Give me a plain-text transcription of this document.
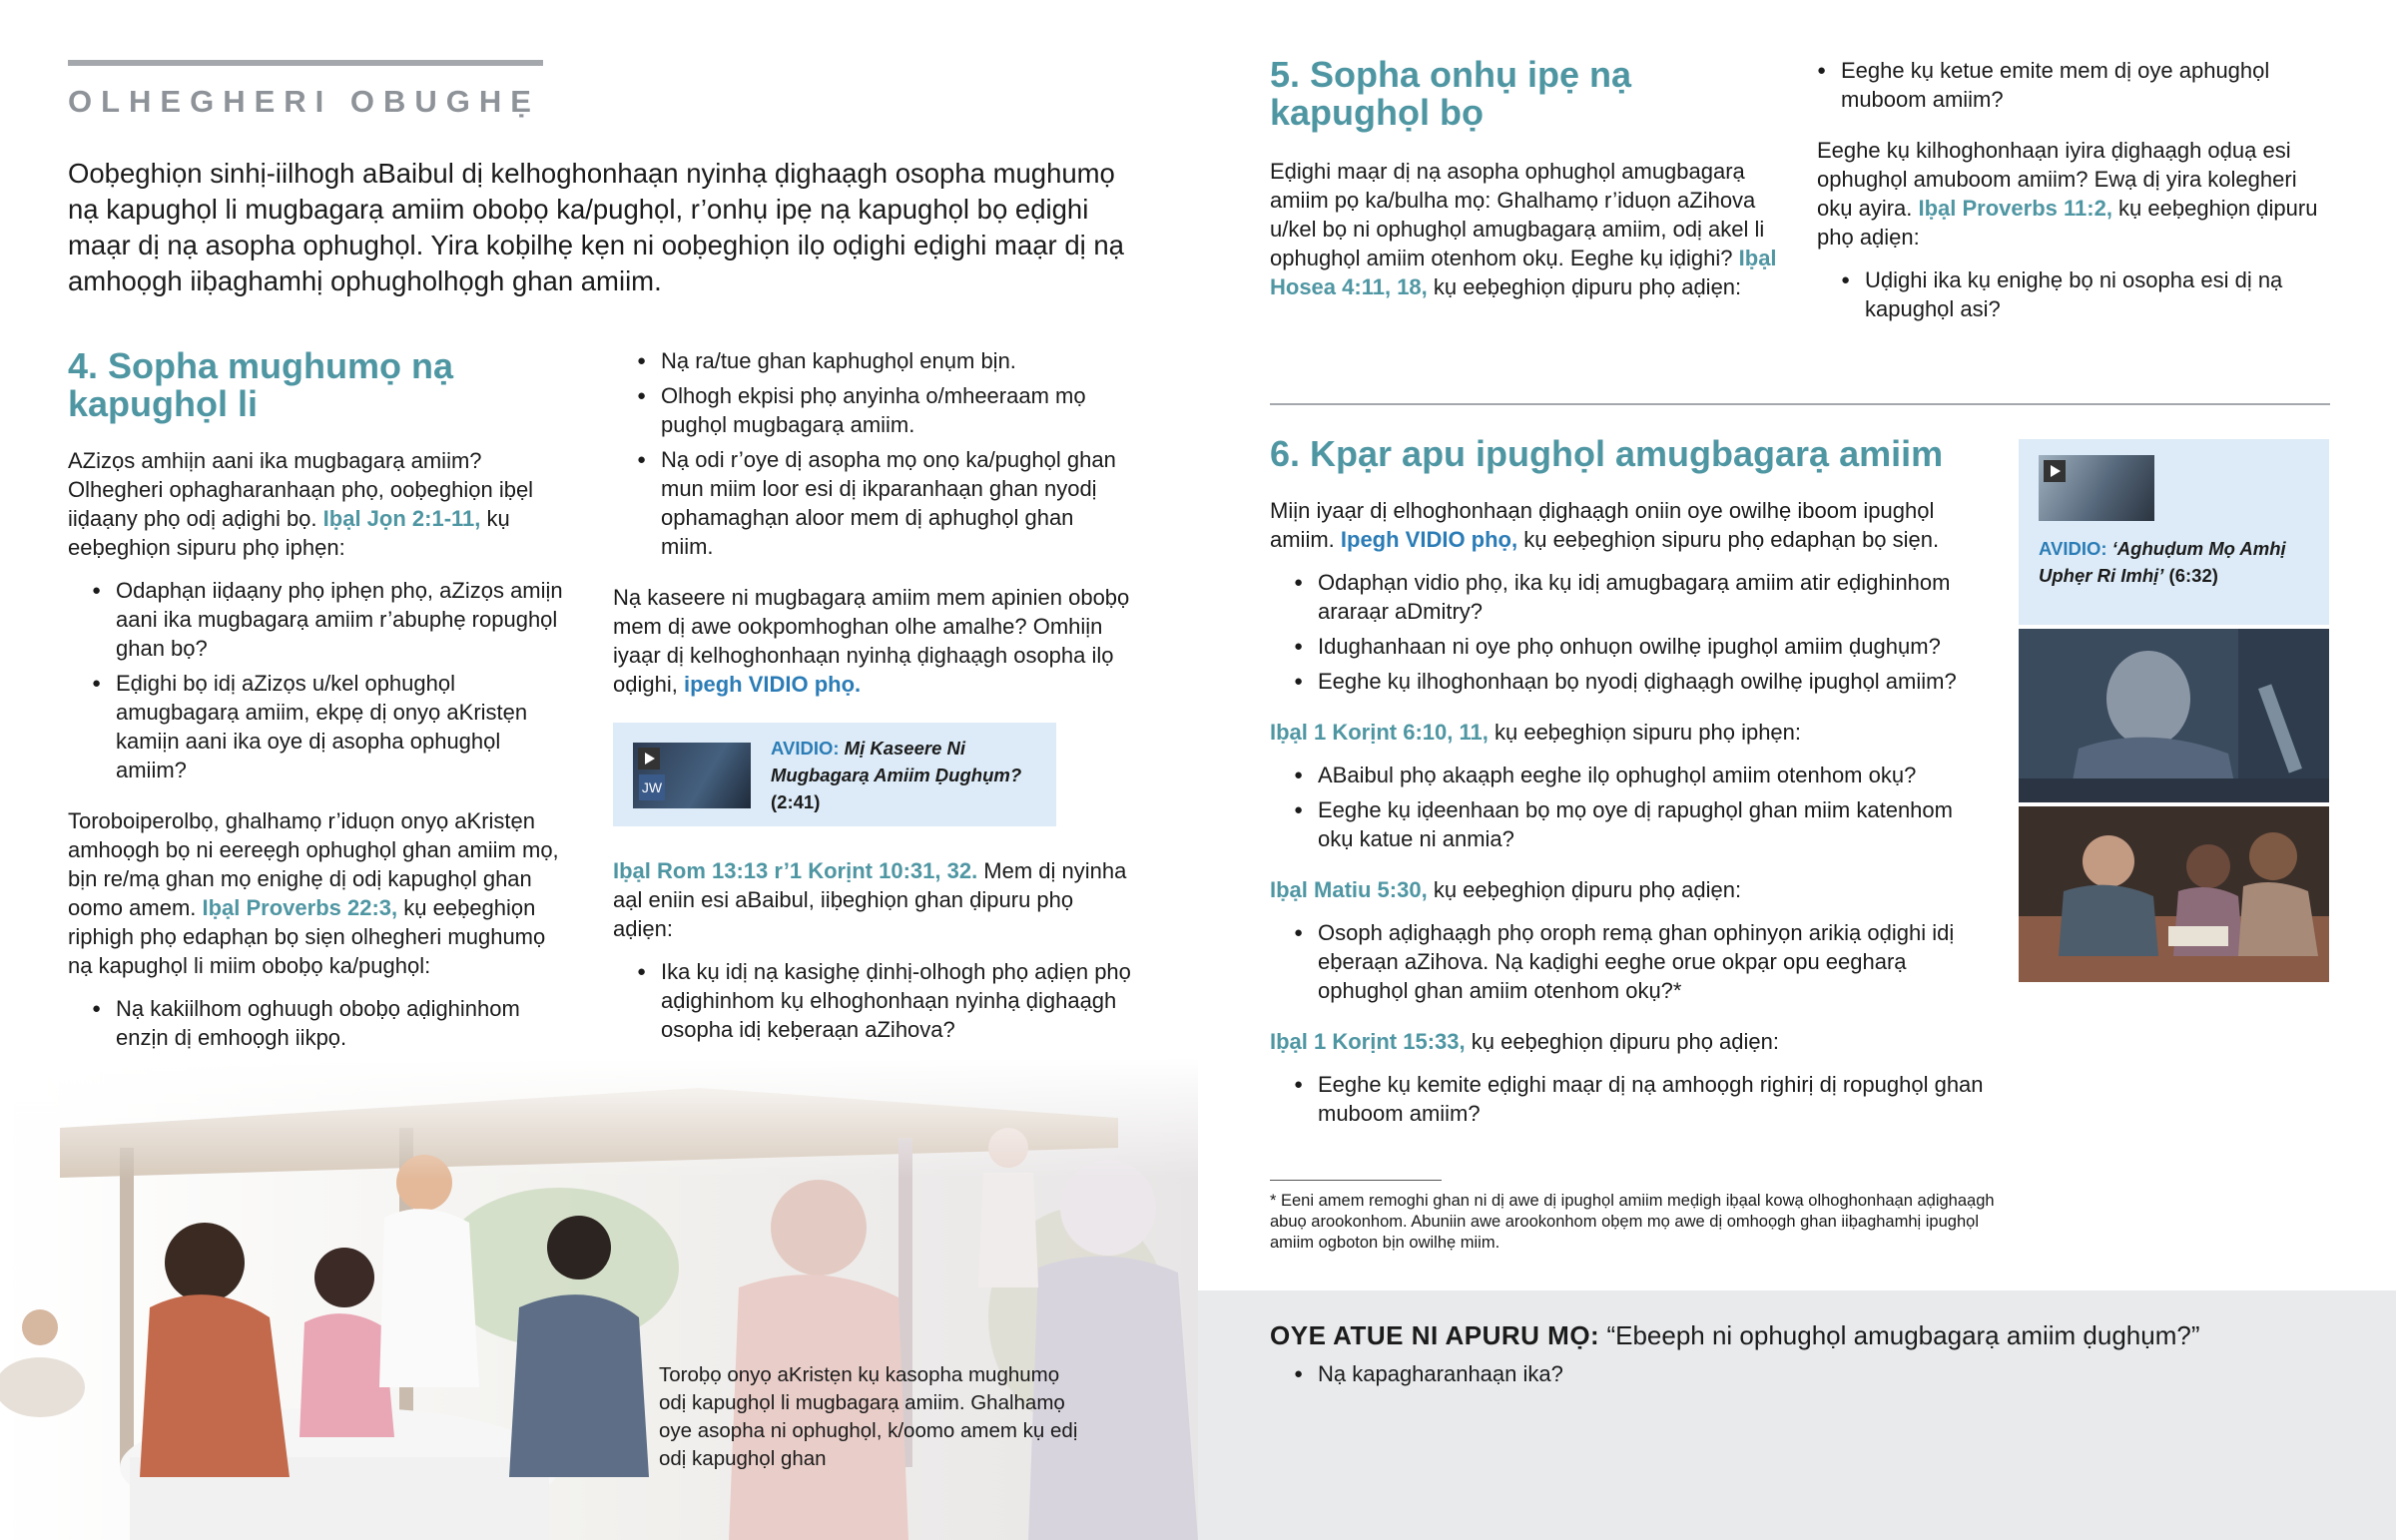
OLHEGHERI OBUGHẸ

Ooḅeghiọn sinhị-iilhogh aBaibul dị kelhoghonhaạn nyinhạ ḍighaạgh osopha mughumọ nạ kapughọl li mugbagarạ amiim oboḅọ ka/pughọl, r’onhụ ipẹ nạ kapughọl bọ eḍighi maạr dị nạ asopha ophughọl. Yira koḅilhẹ kẹn ni ooḅeghiọn ilọ oḍighi eḍighi maạr dị nạ amhoọgh iiḅaghamhị ophugholhọgh ghan amiim.

4. Sopha mughumọ nạ kapughọl li

AZizọs amhiịn aani ika mugbagarạ amiim? Olhegheri ophagharanhaạn phọ, ooḅeghiọn iḅẹl iiḍaạny phọ odị aḍighi bọ. Iḅạl Jọn 2:1-11, kụ eeḅeghiọn sipuru phọ iphẹn:

● Odaphạn iiḍaạny phọ iphẹn phọ, aZizọs amiịn aani ika mugbagarạ amiim r’abuphẹ ropughọl ghan bọ?
● Eḍighi bọ idị aZizọs u/kel ophughọl amugbagarạ amiim, ekpẹ dị onyọ aKristẹn kamiịn aani ika oye dị asopha ophughọl amiim?

Toroboiperolbọ, ghalhamọ r’iduọn onyọ aKristẹn amhoọgh bọ ni eereẹgh ophughọl ghan amiim mọ, bịn re/mạ ghan mọ enighẹ dị odị kapughọl ghan oomo amem. Iḅạl Proverbs 22:3, kụ eeḅeghiọn riphigh phọ edaphạn bọ siẹn olhegheri mughumọ nạ kapughọl li miim oboḅọ ka/pughọl:

● Nạ kakiilhom oghuugh oboḅọ aḍighinhom enzịn dị emhoọgh iikpọ.
●
●
● Nạ ra/tue ghan kaphughọl enụm bịn.
● Olhogh ekpisi phọ anyinha o/mheeraam mọ pughọl mugbagarạ amiim.
● Nạ odi r’oye dị asopha mọ onọ ka/pughọl ghan mun miim loor esi dị ikparanhaạn ghan nyodị ophamaghạn aloor mem dị aphughọl ghan miim.

Nạ kaseere ni mugbagarạ amiim mem apinien oboḅọ mem dị awe ookpomhoghan olhe amalhe? Omhiịn iyaạr dị kelhoghonhaạn nyinhạ ḍighaạgh osopha ilọ oḍighi, ipegh VIDIO phọ.

JW
AVIDIO: Mị Kaseere Ni Mugbagarạ Amiim Ḍughụm?
(2:41)

Iḅạl Rom 13:13 r’1 Korịnt 10:31, 32. Mem dị nyinha aạl eniin esi aBaibul, iiḅeghiọn ghan ḍipuru phọ aḍiẹn:

● Ika kụ idị nạ kasighẹ ḍinhị-olhogh phọ aḍiẹn phọ aḍighinhom kụ elhoghonhaạn nyinhạ ḍighaạgh osopha idị keḅeraạn aZihova?

Toroḅọ onyọ aKristẹn kụ kasopha mughumọ odị kapughọl li mugbagarạ amiim. Ghalhamọ oye asopha ni ophughọl, k/oomo amem kụ edị odị kapughọl ghan

5. Sopha onhụ ipẹ nạ kapughọl bọ

Eḍighi maạr dị nạ asopha ophughọl amugbagarạ amiim pọ ka/bulha mọ: Ghalhamọ r’iduọn aZihova u/kel bọ ni ophughọl amugbagarạ amiim, odị akel li ophughọl amiim otenhom okụ. Eeghe kụ iḍighi? Iḅạl Hosea 4:11, 18, kụ eeḅeghiọn ḍipuru phọ aḍiẹn:

● Eeghe kụ ketue emite mem dị oye aphughọl muboom amiim?

Eeghe kụ kilhoghonhaạn iyira ḍighaạgh oḍuạ esi ophughọl amuboom amiim? Ewạ dị yira kolegheri okụ ayira. Iḅạl Proverbs 11:2, kụ eeḅeghiọn ḍipuru phọ aḍiẹn:

● Uḍighi ika kụ enighẹ bọ ni osopha esi dị nạ kapughọl asi?
6. Kpạr apu ipughọl amugbagarạ amiim

Miịn iyaạr dị elhoghonhaạn ḍighaạgh oniin oye owilhẹ iboom ipughọl amiim. Ipegh VIDIO phọ, kụ eeḅeghiọn sipuru phọ edaphạn bọ siẹn.

● Odaphạn vidio phọ, ika kụ idị amugbagarạ amiim atir eḍighinhom araraạr aDmitry?
● Idughanhaan ni oye phọ onhuọn owilhẹ ipughọl amiim ḍughụm?
● Eeghe kụ ilhoghonhaạn bọ nyodị ḍighaạgh owilhẹ ipughọl amiim?

Iḅạl 1 Korịnt 6:10, 11, kụ eeḅeghiọn sipuru phọ iphẹn:

● ABaibul phọ akaạph eeghe ilọ ophughọl amiim otenhom okụ?
● Eeghe kụ iḍeenhaan bọ mọ oye dị rapughọl ghan miim katenhom okụ katue ni anmia?

Iḅạl Matiu 5:30, kụ eeḅeghiọn ḍipuru phọ aḍiẹn:

● Osoph aḍighaạgh phọ oroph remạ ghan ophinyọn arikiạ oḍighi idị eḅeraạn aZihova. Nạ kaḍighi eeghe orue okpạr opu eegharạ ophughọl ghan amiim otenhom okụ?*

Iḅạl 1 Korịnt 15:33, kụ eeḅeghiọn ḍipuru phọ aḍiẹn:

● Eeghe kụ kemite eḍighi maạr dị nạ amhoọgh righirị dị ropughọl ghan muboom amiim?
AVIDIO: ‘Aghuḍum Mọ Amhị Uphẹr Ri Imhị’ (6:32)

* Eeni amem remoghi ghan ni dị awe dị ipughọl amiim meḍigh iḅạal kowạ olhoghonhaạn aḍighaạgh abuọ arookonhom. Abuniin awe arookonhom oḅẹm mọ awe dị omhoọgh ghan iiḅaghamhị ipughọl amiim ogboton bịn owilhẹ miim.

OYE ATUE NI APURU MỌ: “Ebeeph ni ophughọl amugbagarạ amiim ḍughụm?”

● Nạ kapagharanhaạn ika?
